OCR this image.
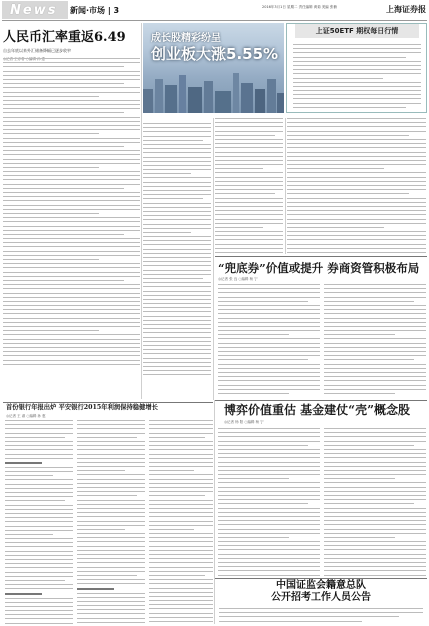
News 新闻·市场 | 3	2016年3月1日 星期二 责任编辑 黄菊 美编 张楠	上海证券报
人民币汇率重返6.49
自去年底以来外汇储备降幅已逐步收窄
成长股精彩纷呈
创业板大涨5.55%
上证50ETF 期权每日行情
“兜底券”价值或提升 券商资管积极布局
◎记者 张 良 ○编辑 杨 宁
首份银行年报出炉 平安银行2015年利润保持稳健增长
◎记者 王 淑 ○编辑 孙 惠	博弈价值重估 基金建仗“壳”概念股
◎记者 杨 阳 ○编辑 杨 宁
中国证监会籍意总队
公开招考工作人员公告
